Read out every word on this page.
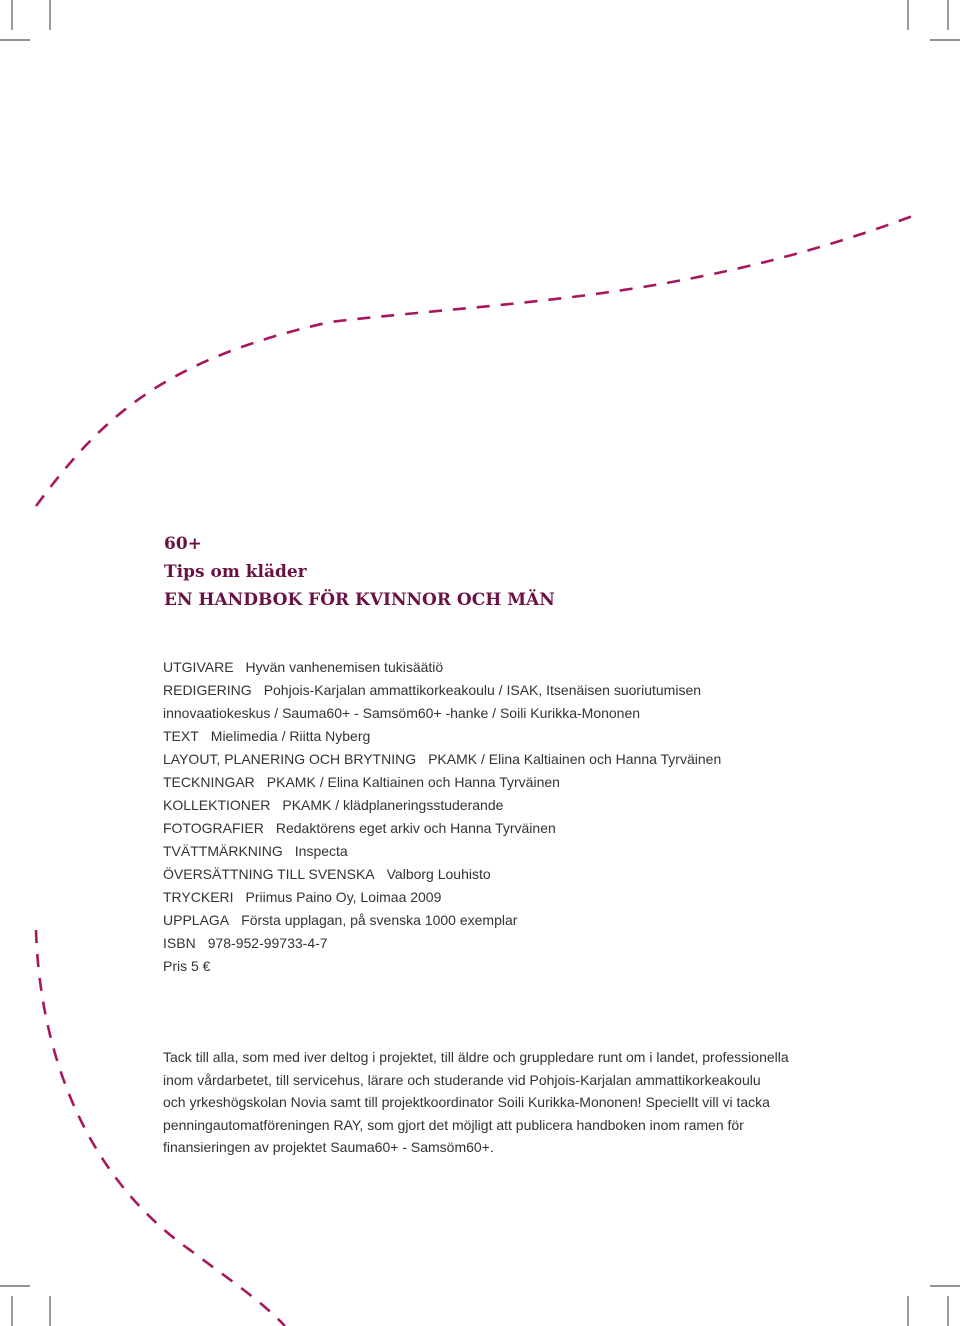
60+
Tips om kläder
EN HANDBOK FÖR KVINNOR OCH MÄN
UTGIVARE Hyvän vanhenemisen tukisäätiö
REDIGERING Pohjois-Karjalan ammattikorkeakoulu / ISAK, Itsenäisen suoriutumisen
innovaatiokeskus / Sauma60+ - Samsöm60+ -hanke / Soili Kurikka-Mononen
TEXT Mielimedia / Riitta Nyberg
LAYOUT, PLANERING OCH BRYTNING PKAMK / Elina Kaltiainen och Hanna Tyrväinen
TECKNINGAR PKAMK / Elina Kaltiainen och Hanna Tyrväinen
KOLLEKTIONER PKAMK / klädplaneringsstuderande
FOTOGRAFIER Redaktörens eget arkiv och Hanna Tyrväinen
TVÄTTMÄRKNING Inspecta
ÖVERSÄTTNING TILL SVENSKA Valborg Louhisto
TRYCKERI Priimus Paino Oy, Loimaa 2009
UPPLAGA Första upplagan, på svenska 1000 exemplar
ISBN 978-952-99733-4-7
Pris 5 €
Tack till alla, som med iver deltog i projektet, till äldre och gruppledare runt om i landet, professionella
inom vårdarbetet, till servicehus, lärare och studerande vid Pohjois-Karjalan ammattikorkeakoulu
och yrkeshögskolan Novia samt till projektkoordinator Soili Kurikka-Mononen! Speciellt vill vi tacka
penningautomatföreningen RAY, som gjort det möjligt att publicera handboken inom ramen för
finansieringen av projektet Sauma60+ - Samsöm60+.
